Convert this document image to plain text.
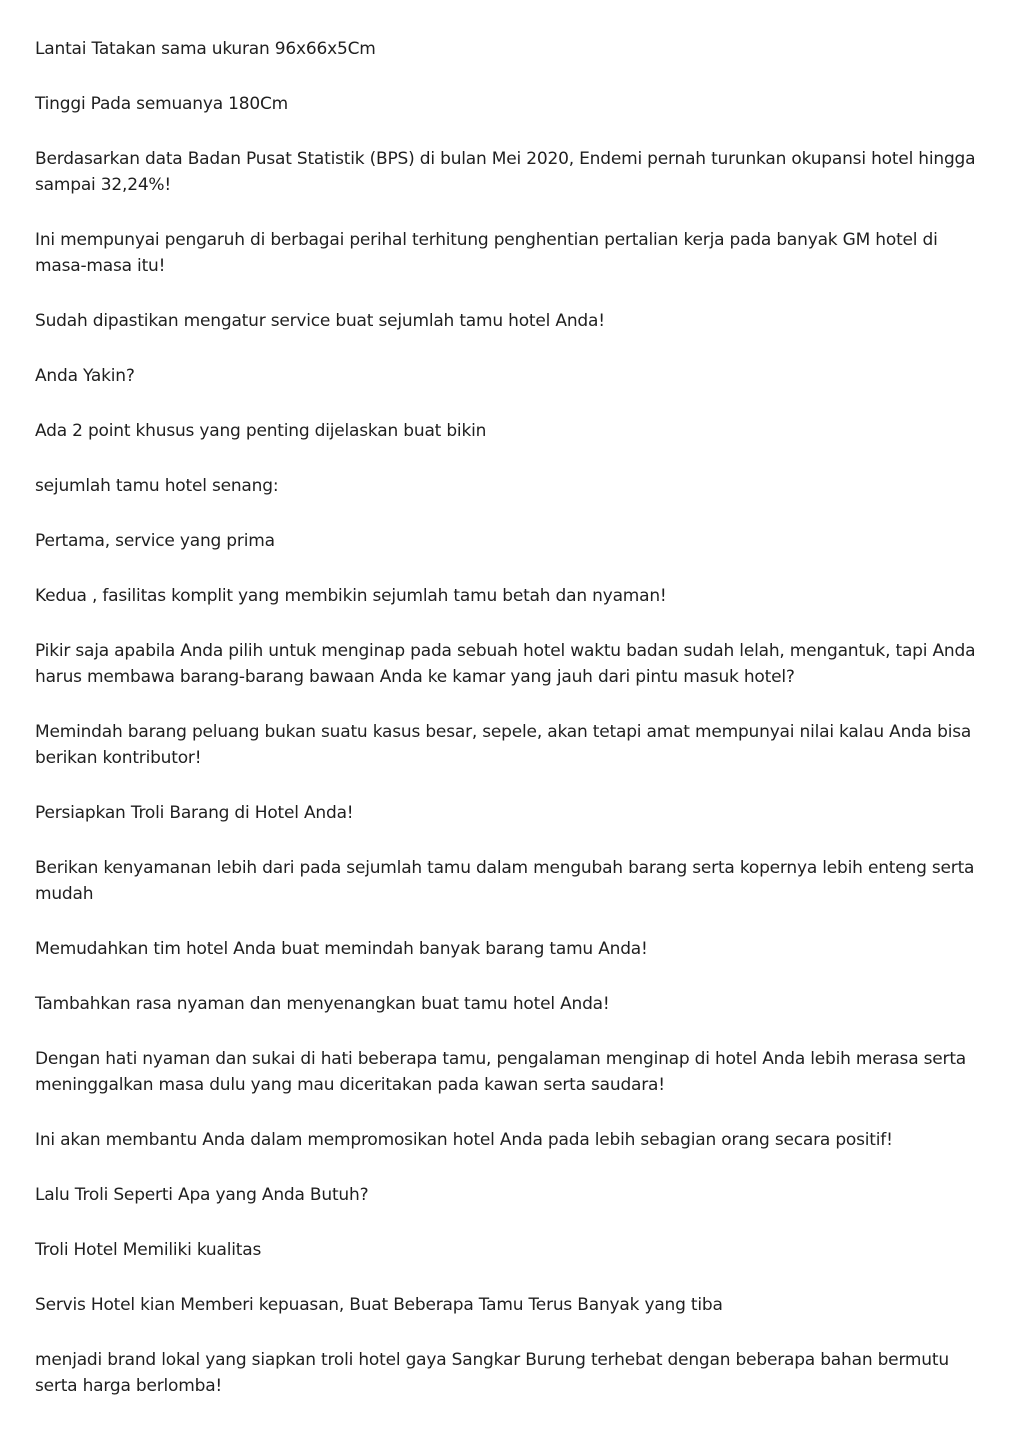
Lantai Tatakan sama ukuran 96x66x5Cm

Tinggi Pada semuanya 180Cm

Berdasarkan data Badan Pusat Statistik (BPS) di bulan Mei 2020, Endemi pernah turunkan okupansi hotel hingga sampai 32,24%!

Ini mempunyai pengaruh di berbagai perihal terhitung penghentian pertalian kerja pada banyak GM hotel di masa-masa itu!

Sudah dipastikan mengatur service buat sejumlah tamu hotel Anda!

Anda Yakin?

Ada 2 point khusus yang penting dijelaskan buat bikin

sejumlah tamu hotel senang:

Pertama, service yang prima

Kedua , fasilitas komplit yang membikin sejumlah tamu betah dan nyaman!

Pikir saja apabila Anda pilih untuk menginap pada sebuah hotel waktu badan sudah lelah, mengantuk, tapi Anda harus membawa barang-barang bawaan Anda ke kamar yang jauh dari pintu masuk hotel?

Memindah barang peluang bukan suatu kasus besar, sepele, akan tetapi amat mempunyai nilai kalau Anda bisa berikan kontributor!

Persiapkan Troli Barang di Hotel Anda!

Berikan kenyamanan lebih dari pada sejumlah tamu dalam mengubah barang serta kopernya lebih enteng serta mudah

Memudahkan tim hotel Anda buat memindah banyak barang tamu Anda!

Tambahkan rasa nyaman dan menyenangkan buat tamu hotel Anda!

Dengan hati nyaman dan sukai di hati beberapa tamu, pengalaman menginap di hotel Anda lebih merasa serta meninggalkan masa dulu yang mau diceritakan pada kawan serta saudara!

Ini akan membantu Anda dalam mempromosikan hotel Anda pada lebih sebagian orang secara positif!

Lalu Troli Seperti Apa yang Anda Butuh?

Troli Hotel Memiliki kualitas

Servis Hotel kian Memberi kepuasan, Buat Beberapa Tamu Terus Banyak yang tiba

menjadi brand lokal yang siapkan troli hotel gaya Sangkar Burung terhebat dengan beberapa bahan bermutu serta harga berlomba!
